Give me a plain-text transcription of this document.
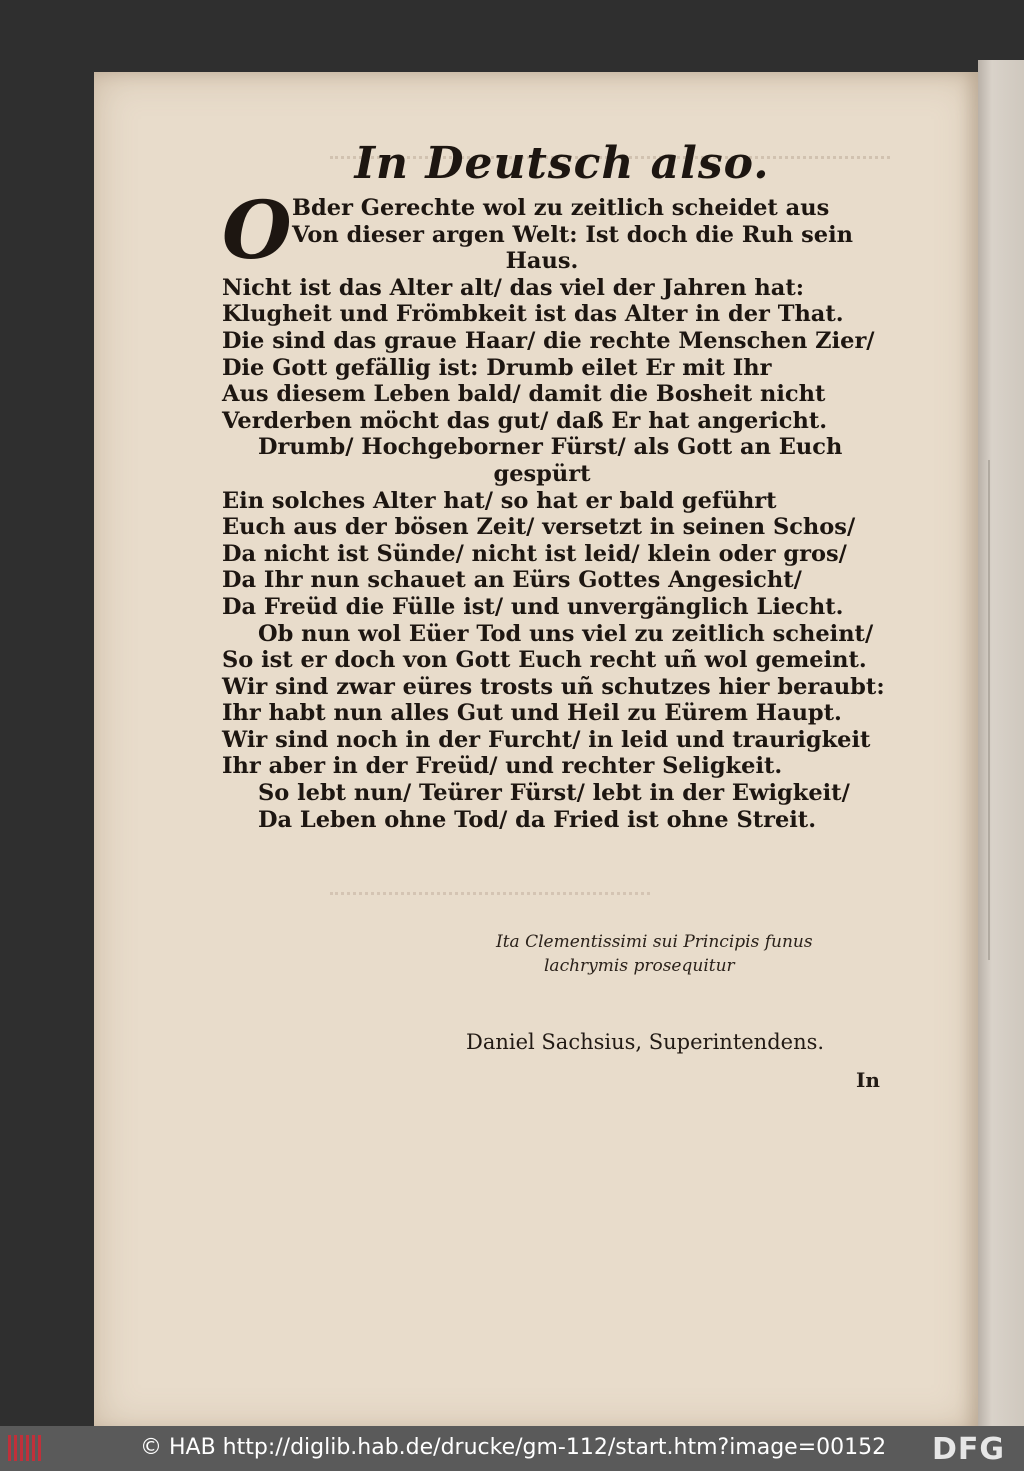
In Deutsch also.
O Bder Gerechte wol zu zeitlich scheidet aus
Von dieser argen Welt: Ist doch die Ruh sein
Haus.
Nicht ist das Alter alt/ das viel der Jahren hat:
Klugheit und Frömbkeit ist das Alter in der That.
Die sind das graue Haar/ die rechte Menschen Zier/
Die Gott gefällig ist: Drumb eilet Er mit Ihr
Aus diesem Leben bald/ damit die Bosheit nicht
Verderben möcht das gut/ daß Er hat angericht.
Drumb/ Hochgeborner Fürst/ als Gott an Euch
gespürt
Ein solches Alter hat/ so hat er bald geführt
Euch aus der bösen Zeit/ versetzt in seinen Schos/
Da nicht ist Sünde/ nicht ist leid/ klein oder gros/
Da Ihr nun schauet an Eürs Gottes Angesicht/
Da Freüd die Fülle ist/ und unvergänglich Liecht.
Ob nun wol Eüer Tod uns viel zu zeitlich scheint/
So ist er doch von Gott Euch recht uñ wol gemeint.
Wir sind zwar eüres trosts uñ schutzes hier beraubt:
Ihr habt nun alles Gut und Heil zu Eürem Haupt.
Wir sind noch in der Furcht/ in leid und traurigkeit
Ihr aber in der Freüd/ und rechter Seligkeit.
So lebt nun/ Teürer Fürst/ lebt in der Ewigkeit/
Da Leben ohne Tod/ da Fried ist ohne Streit.
Ita Clementissimi sui Principis funus
lachrymis prosequitur
Daniel Sachsius, Superintendens.
In
© HAB http://diglib.hab.de/drucke/gm-112/start.htm?image=00152 DFG
